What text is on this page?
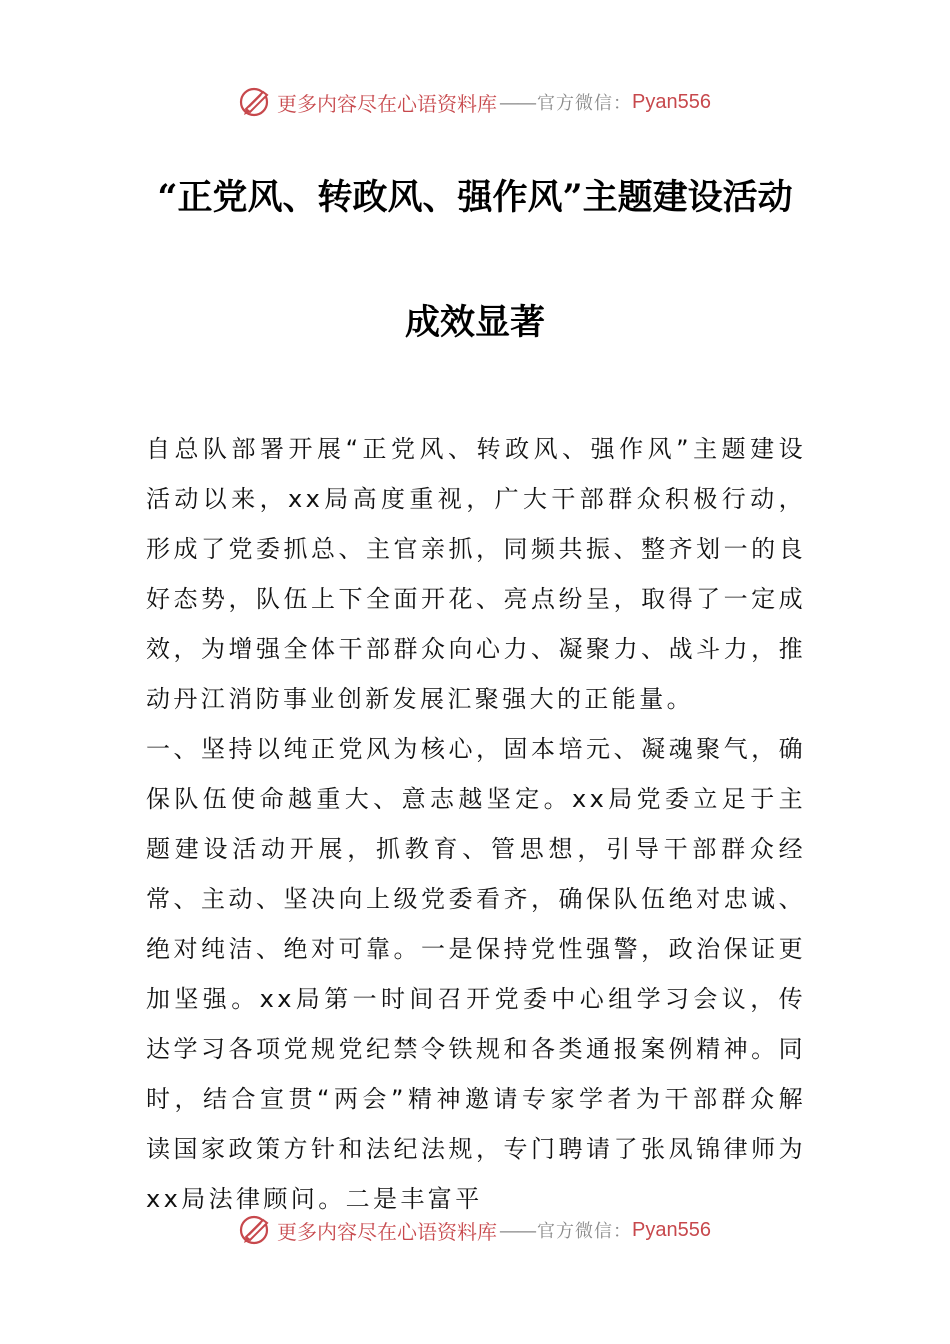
更多内容尽在心语资料库 —— 官方微信： Pyan556
“正党风、转政风、强作风”主题建设活动
成效显著

自总队部署开展“正党风、转政风、强作风”主题建设活动以来，xx局高度重视，广大干部群众积极行动，形成了党委抓总、主官亲抓，同频共振、整齐划一的良好态势，队伍上下全面开花、亮点纷呈，取得了一定成效，为增强全体干部群众向心力、凝聚力、战斗力，推动丹江消防事业创新发展汇聚强大的正能量。

一、坚持以纯正党风为核心，固本培元、凝魂聚气，确保队伍使命越重大、意志越坚定。xx局党委立足于主题建设活动开展，抓教育、管思想，引导干部群众经常、主动、坚决向上级党委看齐，确保队伍绝对忠诚、绝对纯洁、绝对可靠。一是保持党性强警，政治保证更加坚强。xx局第一时间召开党委中心组学习会议，传达学习各项党规党纪禁令铁规和各类通报案例精神。同时，结合宣贯“两会”精神邀请专家学者为干部群众解读国家政策方针和法纪法规，专门聘请了张凤锦律师为xx局法律顾问。二是丰富平

更多内容尽在心语资料库 —— 官方微信： Pyan556
